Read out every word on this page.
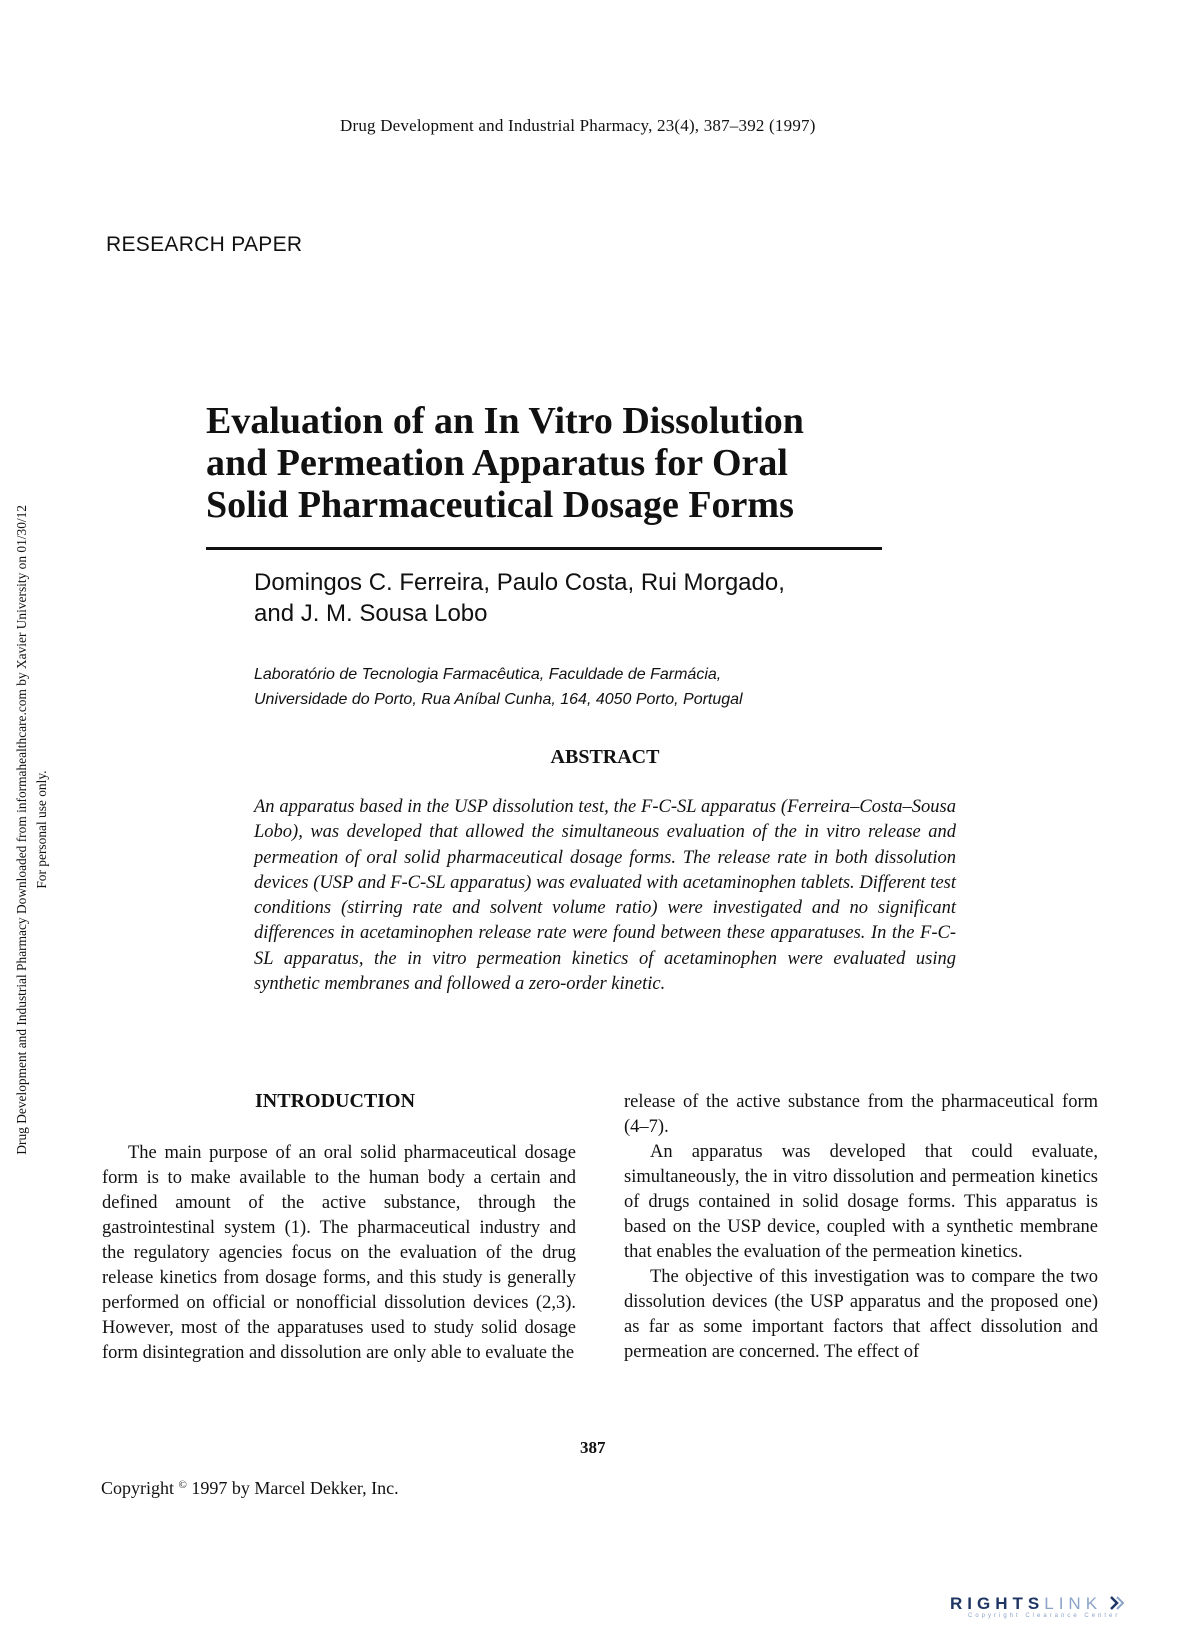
Drug Development and Industrial Pharmacy, 23(4), 387–392 (1997)
RESEARCH PAPER
Drug Development and Industrial Pharmacy Downloaded from informahealthcare.com by Xavier University on 01/30/12 For personal use only.
Evaluation of an In Vitro Dissolution
and Permeation Apparatus for Oral
Solid Pharmaceutical Dosage Forms
Domingos C. Ferreira, Paulo Costa, Rui Morgado,
and J. M. Sousa Lobo
Laboratório de Tecnologia Farmacêutica, Faculdade de Farmácia,
Universidade do Porto, Rua Aníbal Cunha, 164, 4050 Porto, Portugal
ABSTRACT
An apparatus based in the USP dissolution test, the F-C-SL apparatus (Ferreira–Costa–Sousa Lobo), was developed that allowed the simultaneous evaluation of the in vitro release and permeation of oral solid pharmaceutical dosage forms. The release rate in both dissolution devices (USP and F-C-SL apparatus) was evaluated with acetaminophen tablets. Different test conditions (stirring rate and solvent volume ratio) were investigated and no significant differences in acetaminophen release rate were found between these apparatuses. In the F-C-SL apparatus, the in vitro permeation kinetics of acetaminophen were evaluated using synthetic membranes and followed a zero-order kinetic.
INTRODUCTION

The main purpose of an oral solid pharmaceutical dosage form is to make available to the human body a certain and defined amount of the active substance, through the gastrointestinal system (1). The pharmaceutical industry and the regulatory agencies focus on the evaluation of the drug release kinetics from dosage forms, and this study is generally performed on official or nonofficial dissolution devices (2,3). However, most of the apparatuses used to study solid dosage form disintegration and dissolution are only able to evaluate the

release of the active substance from the pharmaceutical form (4–7).

An apparatus was developed that could evaluate, simultaneously, the in vitro dissolution and permeation kinetics of drugs contained in solid dosage forms. This apparatus is based on the USP device, coupled with a synthetic membrane that enables the evaluation of the permeation kinetics.

The objective of this investigation was to compare the two dissolution devices (the USP apparatus and the proposed one) as far as some important factors that affect dissolution and permeation are concerned. The effect of

387
Copyright © 1997 by Marcel Dekker, Inc.
RIGHTSLINK
Copyright Clearance Center
